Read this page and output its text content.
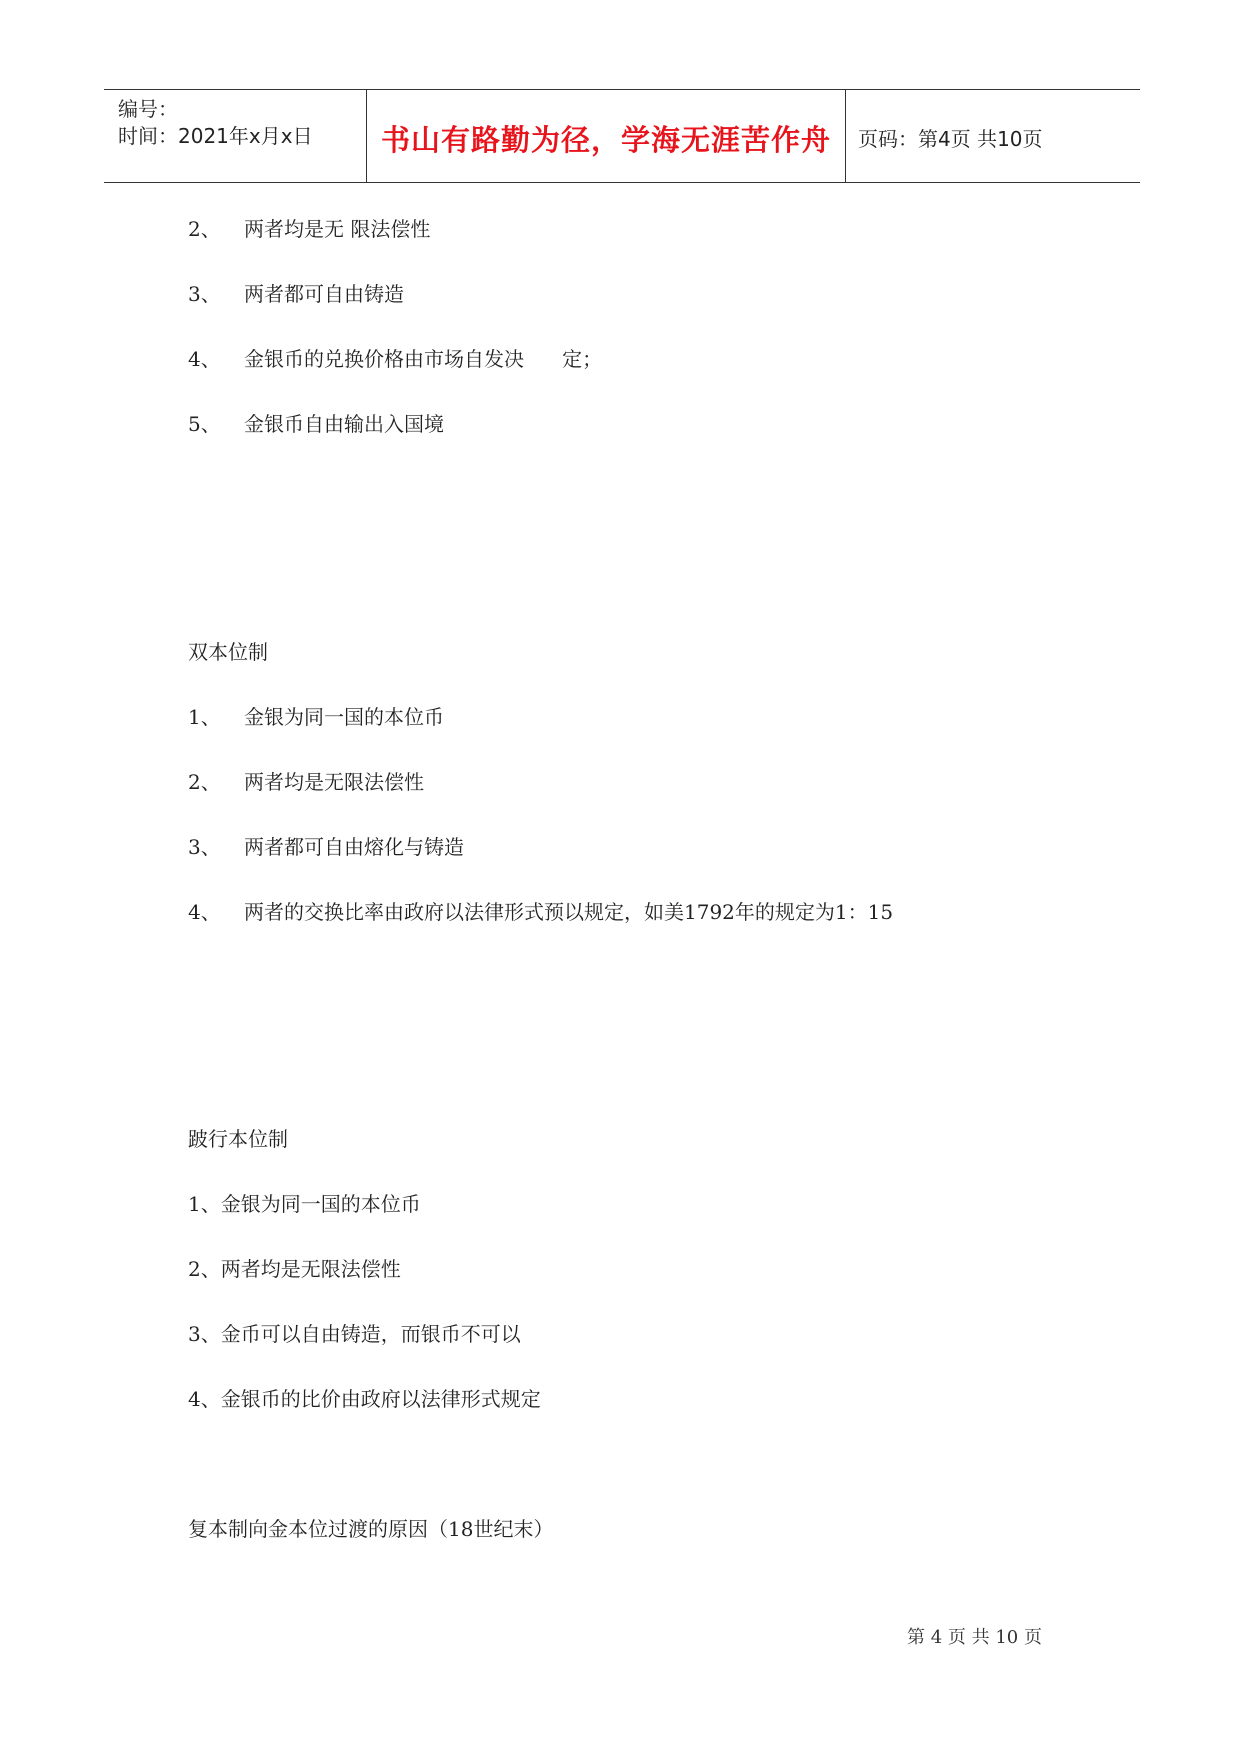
编号：
时间：2021年x月x日	书山有路勤为径，学海无涯苦作舟	页码：第4页 共10页
2、 两者均是无 限法偿性
3、 两者都可自由铸造
4、 金银币的兑换价格由市场自发决      定；
5、 金银币自由输出入国境
双本位制
1、 金银为同一国的本位币
2、 两者均是无限法偿性
3、 两者都可自由熔化与铸造
4、 两者的交换比率由政府以法律形式预以规定，如美1792年的规定为1：15
跛行本位制
1、金银为同一国的本位币
2、两者均是无限法偿性
3、金币可以自由铸造，而银币不可以
4、金银币的比价由政府以法律形式规定
复本制向金本位过渡的原因（18世纪末）
第 4 页 共 10 页
